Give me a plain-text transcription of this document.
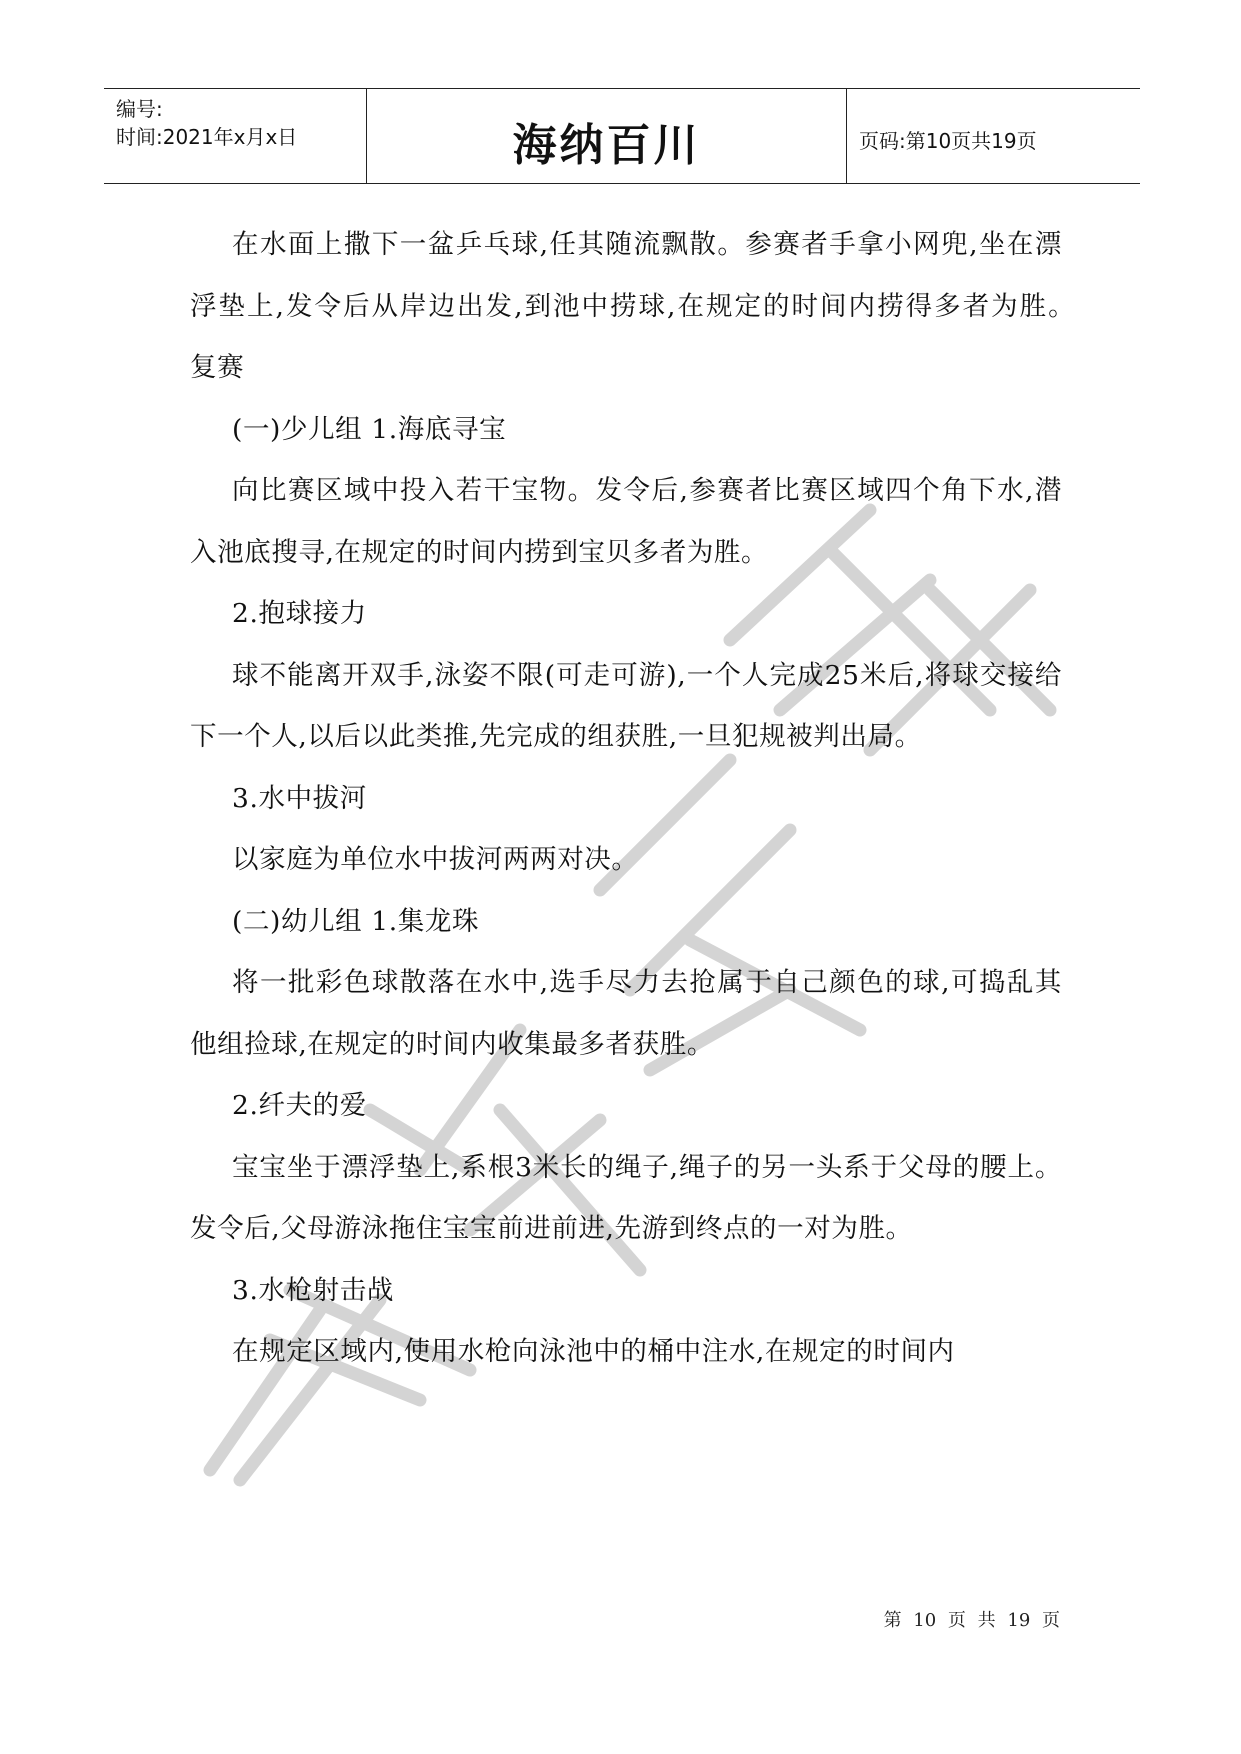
编号:
时间:2021年x月x日	海纳百川	页码:第10页共19页
严禁复制

在水面上撒下一盆乒乓球,任其随流飘散。参赛者手拿小网兜,坐在漂浮垫上,发令后从岸边出发,到池中捞球,在规定的时间内捞得多者为胜。　复赛

(一)少儿组 1.海底寻宝

向比赛区域中投入若干宝物。发令后,参赛者比赛区域四个角下水,潜入池底搜寻,在规定的时间内捞到宝贝多者为胜。

2.抱球接力

球不能离开双手,泳姿不限(可走可游),一个人完成25米后,将球交接给下一个人,以后以此类推,先完成的组获胜,一旦犯规被判出局。

3.水中拔河

以家庭为单位水中拔河两两对决。

(二)幼儿组 1.集龙珠

将一批彩色球散落在水中,选手尽力去抢属于自己颜色的球,可捣乱其他组捡球,在规定的时间内收集最多者获胜。

2.纤夫的爱

宝宝坐于漂浮垫上,系根3米长的绳子,绳子的另一头系于父母的腰上。发令后,父母游泳拖住宝宝前进前进,先游到终点的一对为胜。

3.水枪射击战

在规定区域内,使用水枪向泳池中的桶中注水,在规定的时间内

第 10 页 共 19 页
